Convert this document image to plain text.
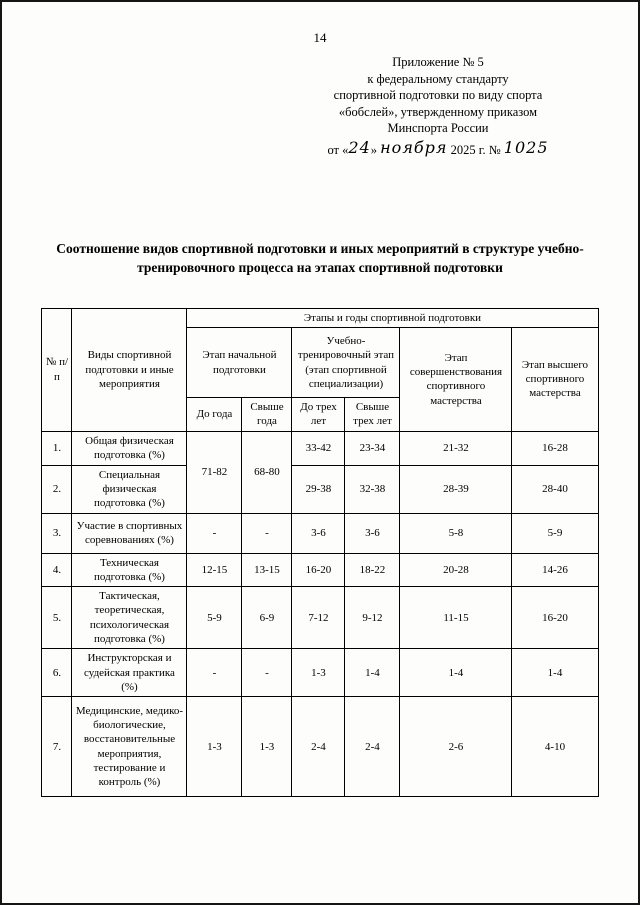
14
Приложение № 5
к федеральному стандарту
спортивной подготовки по виду спорта
«бобслей», утвержденному приказом
Минспорта России
от «24» ноября 2025 г. № 1025
Соотношение видов спортивной подготовки и иных мероприятий в структуре учебно-тренировочного процесса на этапах спортивной подготовки
№ п/п	Виды спортивной подготовки и иные мероприятия	Этапы и годы спортивной подготовки					
		Этап начальной подготовки		Учебно-тренировочный этап (этап спортивной специализации)		Этап совершенствования спортивного мастерства	Этап высшего спортивного мастерства
		До года	Свыше года	До трех лет	Свыше трех лет		
1.	Общая физическая подготовка (%)	71-82	68-80	33-42	23-34	21-32	16-28
2.	Специальная физическая подготовка (%)			29-38	32-38	28-39	28-40
3.	Участие в спортивных соревнованиях (%)	-	-	3-6	3-6	5-8	5-9
4.	Техническая подготовка (%)	12-15	13-15	16-20	18-22	20-28	14-26
5.	Тактическая, теоретическая, психологическая подготовка (%)	5-9	6-9	7-12	9-12	11-15	16-20
6.	Инструкторская и судейская практика (%)	-	-	1-3	1-4	1-4	1-4
7.	Медицинские, медико-биологические, восстановительные мероприятия, тестирование и контроль (%)	1-3	1-3	2-4	2-4	2-6	4-10
